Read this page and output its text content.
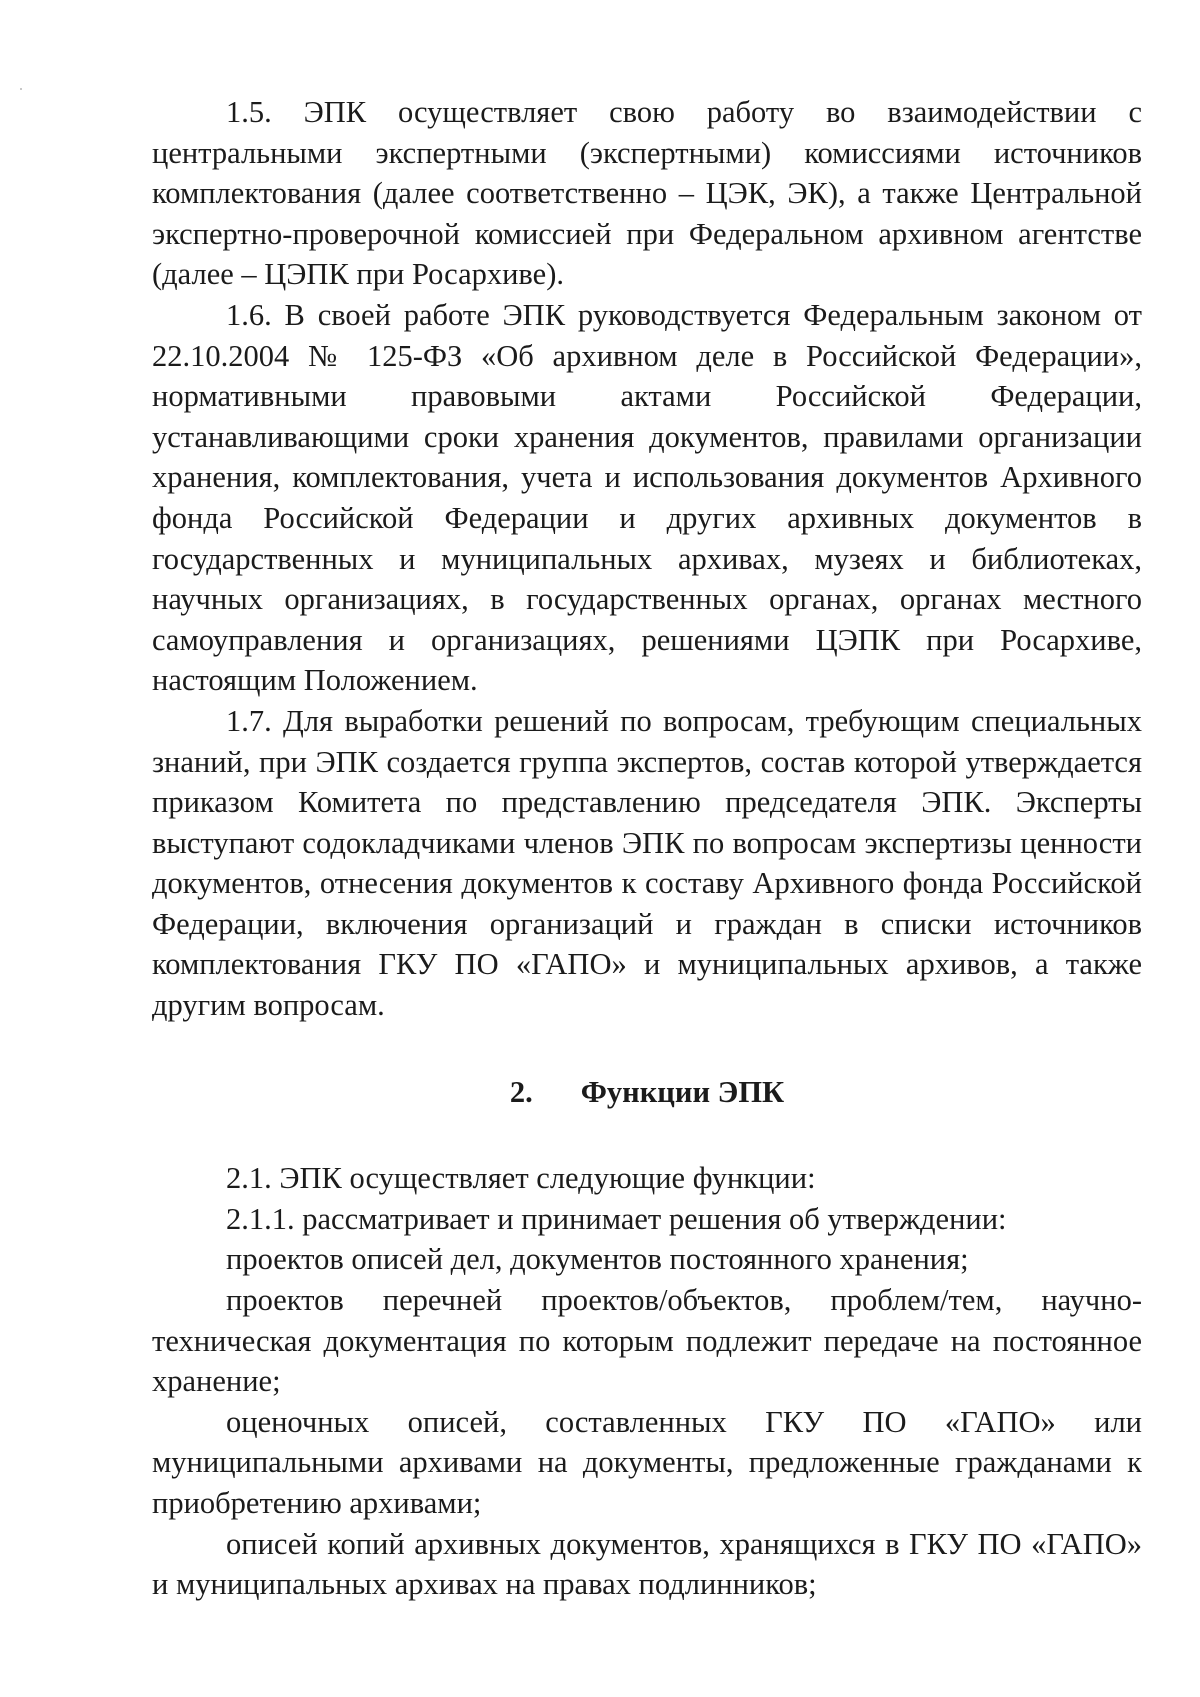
1.5. ЭПК осуществляет свою работу во взаимодействии с центральными экспертными (экспертными) комиссиями источников комплектования (далее соответственно – ЦЭК, ЭК), а также Центральной экспертно-проверочной комиссией при Федеральном архивном агентстве (далее – ЦЭПК при Росархиве).

1.6. В своей работе ЭПК руководствуется Федеральным законом от 22.10.2004 № 125-ФЗ «Об архивном деле в Российской Федерации», нормативными правовыми актами Российской Федерации, устанавливающими сроки хранения документов, правилами организации хранения, комплектования, учета и использования документов Архивного фонда Российской Федерации и других архивных документов в государственных и муниципальных архивах, музеях и библиотеках, научных организациях, в государственных органах, органах местного самоуправления и организациях, решениями ЦЭПК при Росархиве, настоящим Положением.

1.7. Для выработки решений по вопросам, требующим специальных знаний, при ЭПК создается группа экспертов, состав которой утверждается приказом Комитета по представлению председателя ЭПК. Эксперты выступают содокладчиками членов ЭПК по вопросам экспертизы ценности документов, отнесения документов к составу Архивного фонда Российской Федерации, включения организаций и граждан в списки источников комплектования ГКУ ПО «ГАПО» и муниципальных архивов, а также другим вопросам.

2. Функции ЭПК

2.1. ЭПК осуществляет следующие функции:

2.1.1. рассматривает и принимает решения об утверждении:

проектов описей дел, документов постоянного хранения;

проектов перечней проектов/объектов, проблем/тем, научно-техническая документация по которым подлежит передаче на постоянное хранение;

оценочных описей, составленных ГКУ ПО «ГАПО» или муниципальными архивами на документы, предложенные гражданами к приобретению архивами;

описей копий архивных документов, хранящихся в ГКУ ПО «ГАПО» и муниципальных архивах на правах подлинников;
